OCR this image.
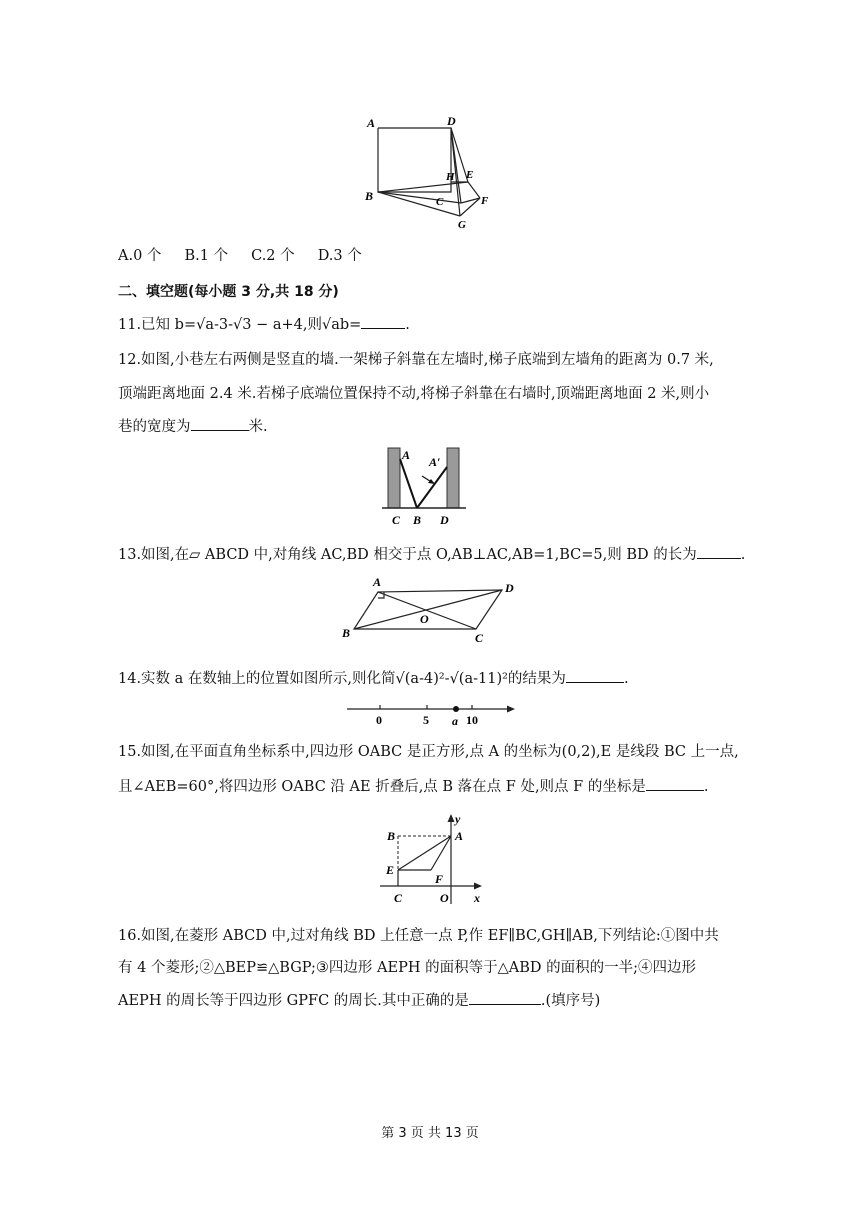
A	D
B
H E
C	F
G
A.0 个 B.1 个 C.2 个 D.3 个
二、填空题(每小题 3 分,共 18 分)
11.已知 b=√a-3-√3 − a+4,则√ab=	.
12.如图,小巷左右两侧是竖直的墙.一架梯子斜靠在左墙时,梯子底端到左墙角的距离为 0.7 米,
顶端距离地面 2.4 米.若梯子底端位置保持不动,将梯子斜靠在右墙时,顶端距离地面 2 米,则小
巷的宽度为	米.
A A′
C B D
13.如图,在▱ ABCD 中,对角线 AC,BD 相交于点 O,AB⊥AC,AB=1,BC=5,则 BD 的长为	.
A	D
O
B	C
14.实数 a 在数轴上的位置如图所示,则化简√(a-4)²-√(a-11)²的结果为	.
0	5	10
a
15.如图,在平面直角坐标系中,四边形 OABC 是正方形,点 A 的坐标为(0,2),E 是线段 BC 上一点,
且∠AEB=60°,将四边形 OABC 沿 AE 折叠后,点 B 落在点 F 处,则点 F 的坐标是	.
B
y
A
E
F
C	O x
16.如图,在菱形 ABCD 中,过对角线 BD 上任意一点 P,作 EF∥BC,GH∥AB,下列结论:①图中共
有 4 个菱形;②△BEP≌△BGP;③四边形 AEPH 的面积等于△ABD 的面积的一半;④四边形
AEPH 的周长等于四边形 GPFC 的周长.其中正确的是	.(填序号)
第 3 页 共 13 页
